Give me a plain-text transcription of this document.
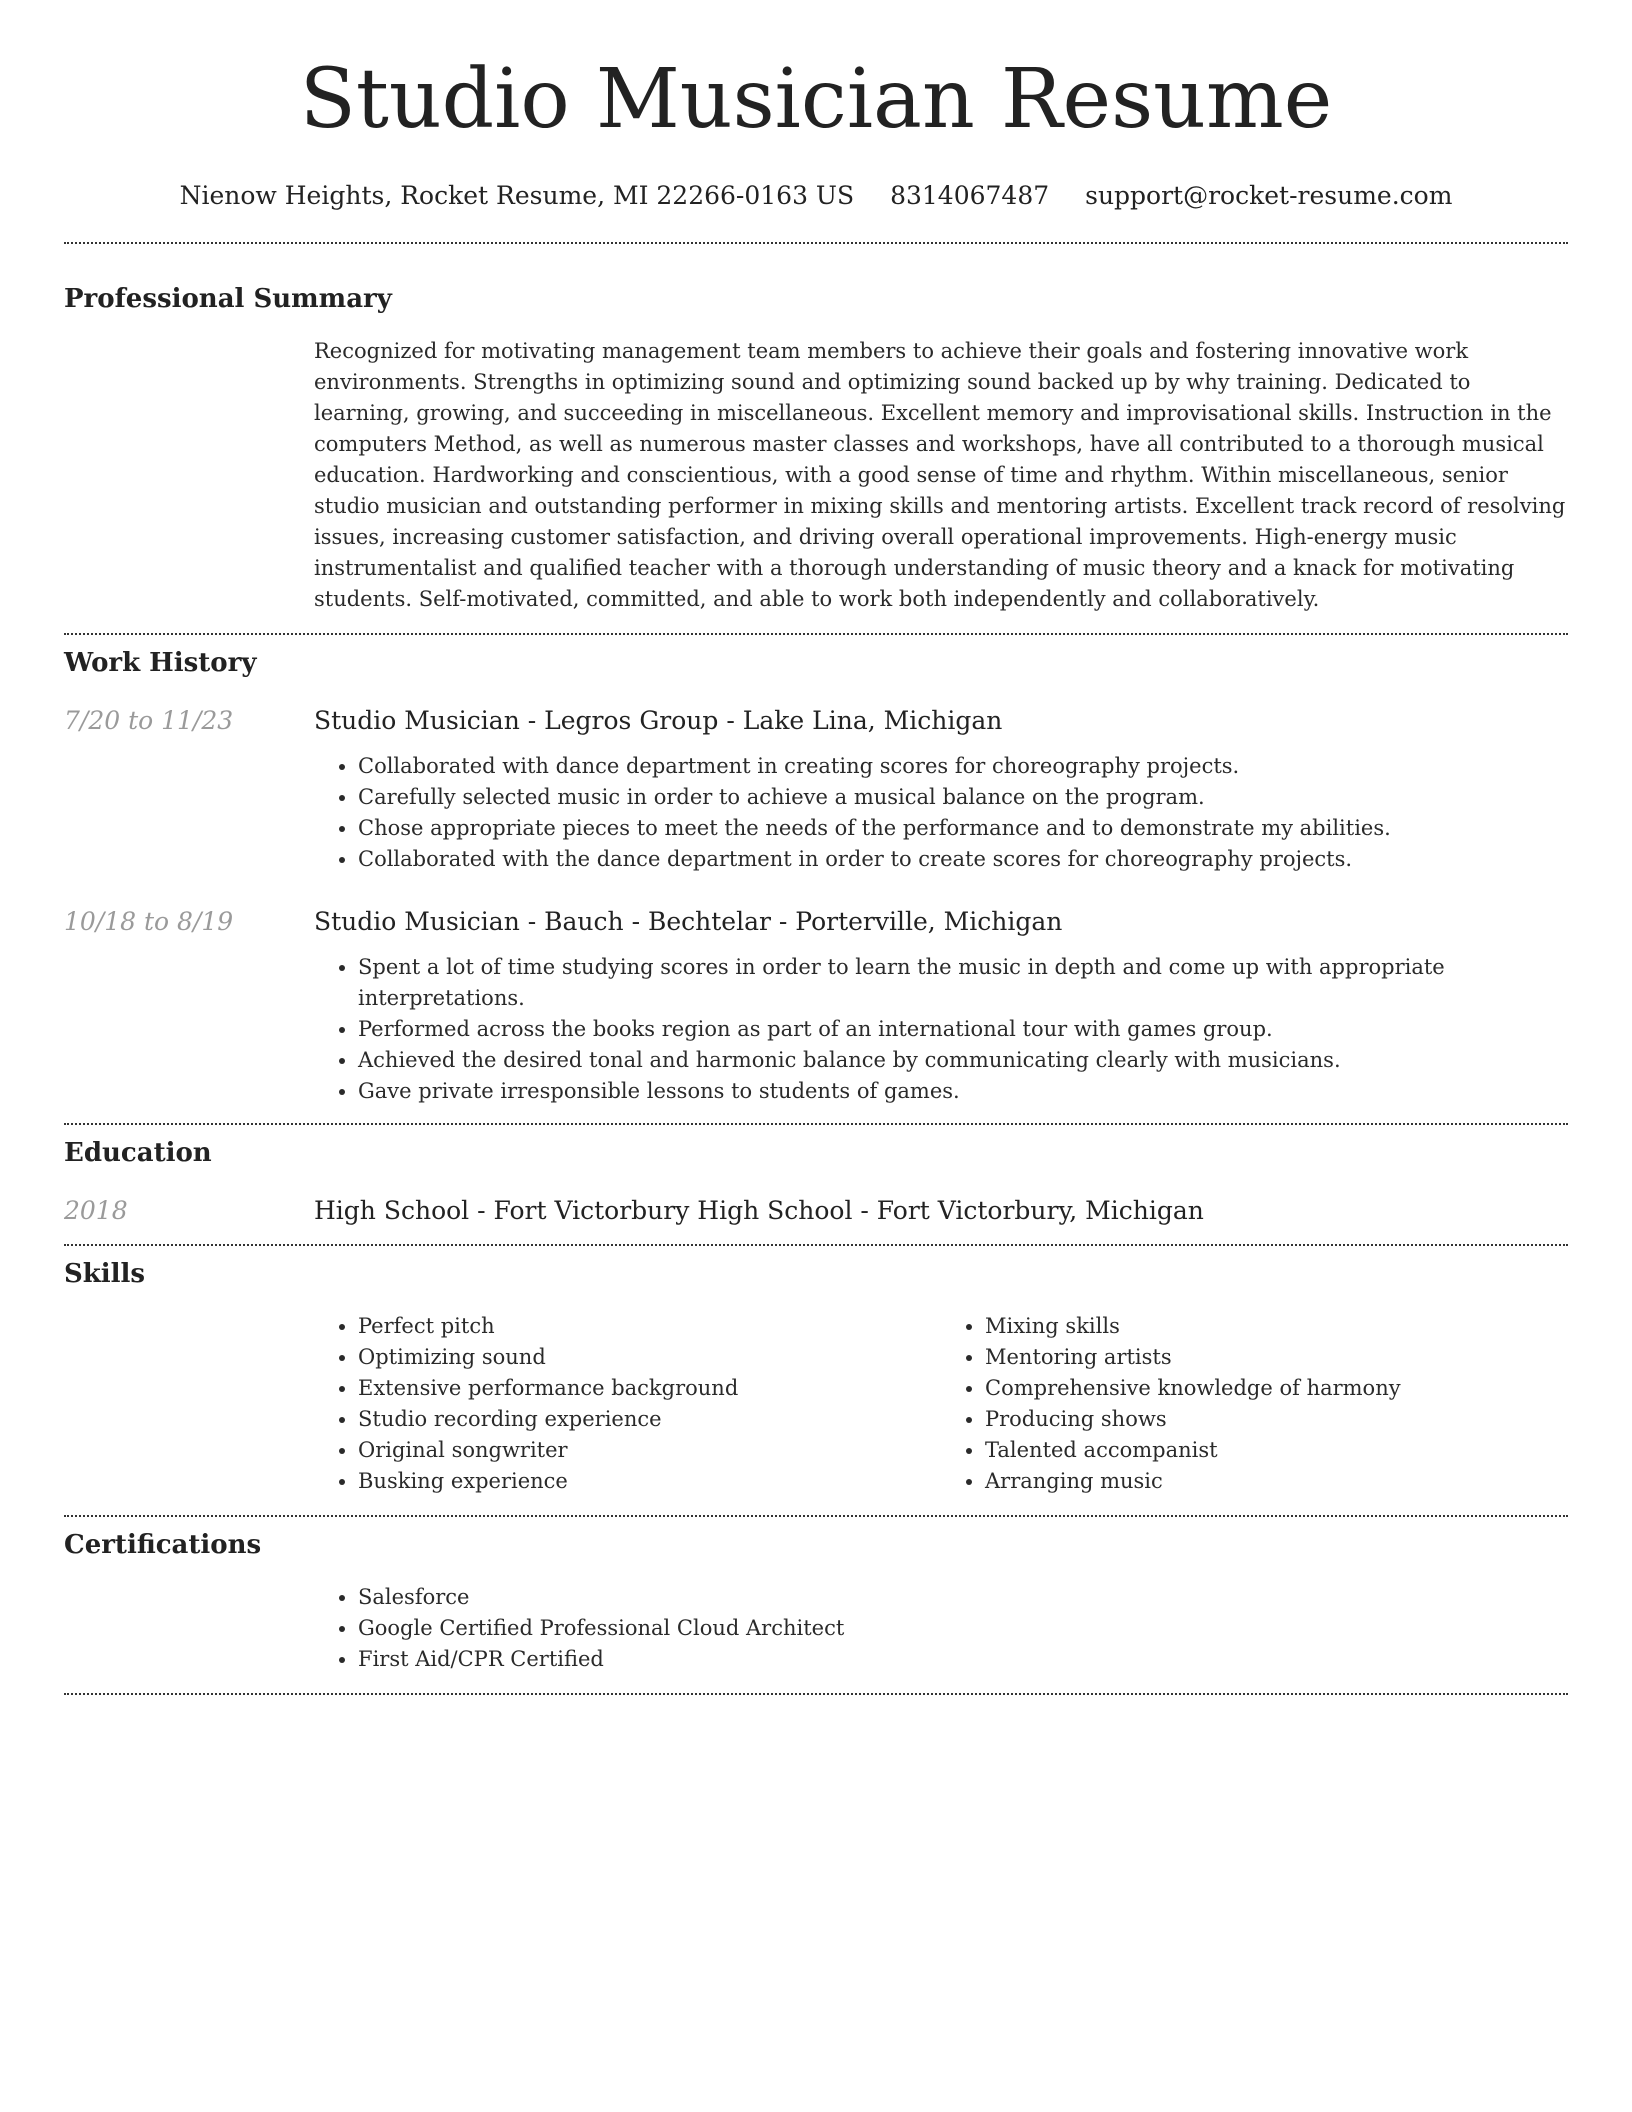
Studio Musician Resume
Nienow Heights, Rocket Resume, MI 22266-0163 US 8314067487 support@rocket-resume.com
Professional Summary

Recognized for motivating management team members to achieve their goals and fostering innovative work environments. Strengths in optimizing sound and optimizing sound backed up by why training. Dedicated to learning, growing, and succeeding in miscellaneous. Excellent memory and improvisational skills. Instruction in the computers Method, as well as numerous master classes and workshops, have all contributed to a thorough musical education. Hardworking and conscientious, with a good sense of time and rhythm. Within miscellaneous, senior studio musician and outstanding performer in mixing skills and mentoring artists. Excellent track record of resolving issues, increasing customer satisfaction, and driving overall operational improvements. High-energy music instrumentalist and qualified teacher with a thorough understanding of music theory and a knack for motivating students. Self-motivated, committed, and able to work both independently and collaboratively.

Work History
7/20 to 11/23	Studio Musician - Legros Group - Lake Lina, Michigan
• Collaborated with dance department in creating scores for choreography projects.
• Carefully selected music in order to achieve a musical balance on the program.
• Chose appropriate pieces to meet the needs of the performance and to demonstrate my abilities.
• Collaborated with the dance department in order to create scores for choreography projects.
10/18 to 8/19	Studio Musician - Bauch - Bechtelar - Porterville, Michigan
• Spent a lot of time studying scores in order to learn the music in depth and come up with appropriate interpretations.
• Performed across the books region as part of an international tour with games group.
• Achieved the desired tonal and harmonic balance by communicating clearly with musicians.
• Gave private irresponsible lessons to students of games.
Education
2018	High School - Fort Victorbury High School - Fort Victorbury, Michigan
Skills
• Perfect pitch
• Optimizing sound
• Extensive performance background
• Studio recording experience
• Original songwriter
• Busking experience
• Mixing skills
• Mentoring artists
• Comprehensive knowledge of harmony
• Producing shows
• Talented accompanist
• Arranging music
Certifications
• Salesforce
• Google Certified Professional Cloud Architect
• First Aid/CPR Certified
